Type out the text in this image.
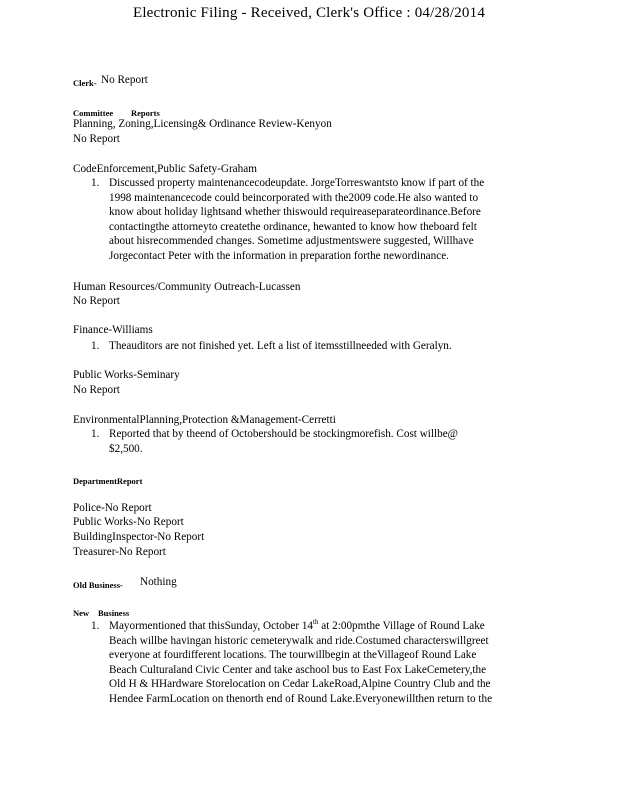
Electronic Filing - Received, Clerk's Office : 04/28/2014
Clerk- No Report
Committee Reports
Planning, Zoning,Licensing& Ordinance Review-Kenyon
No Report
CodeEnforcement,Public Safety-Graham
1. Discussed property maintenancecodeupdate. JorgeTorreswantsto know if part of the
1998 maintenancecode could beincorporated with the2009 code.He also wanted to
know about holiday lightsand whether thiswould requireaseparateordinance.Before
contactingthe attorneyto createthe ordinance, hewanted to know how theboard felt
about hisrecommended changes. Sometime adjustmentswere suggested, Willhave
Jorgecontact Peter with the information in preparation forthe newordinance.
Human Resources/Community Outreach-Lucassen
No Report
Finance-Williams
1. Theauditors are not finished yet. Left a list of itemsstillneeded with Geralyn.
Public Works-Seminary
No Report
EnvironmentalPlanning,Protection &Management-Cerretti
1. Reported that by theend of Octobershould be stockingmorefish. Cost willbe@
$2,500.
DepartmentReport
Police-No Report
Public Works-No Report
BuildingInspector-No Report
Treasurer-No Report
Old Business- Nothing
New Business
1. Mayormentioned that thisSunday, October 14th at 2:00pmthe Village of Round Lake
Beach willbe havingan historic cemeterywalk and ride.Costumed characterswillgreet
everyone at fourdifferent locations. The tourwillbegin at theVillageof Round Lake
Beach Culturaland Civic Center and take aschool bus to East Fox LakeCemetery,the
Old H & HHardware Storelocation on Cedar LakeRoad,Alpine Country Club and the
Hendee FarmLocation on thenorth end of Round Lake.Everyonewillthen return to the
